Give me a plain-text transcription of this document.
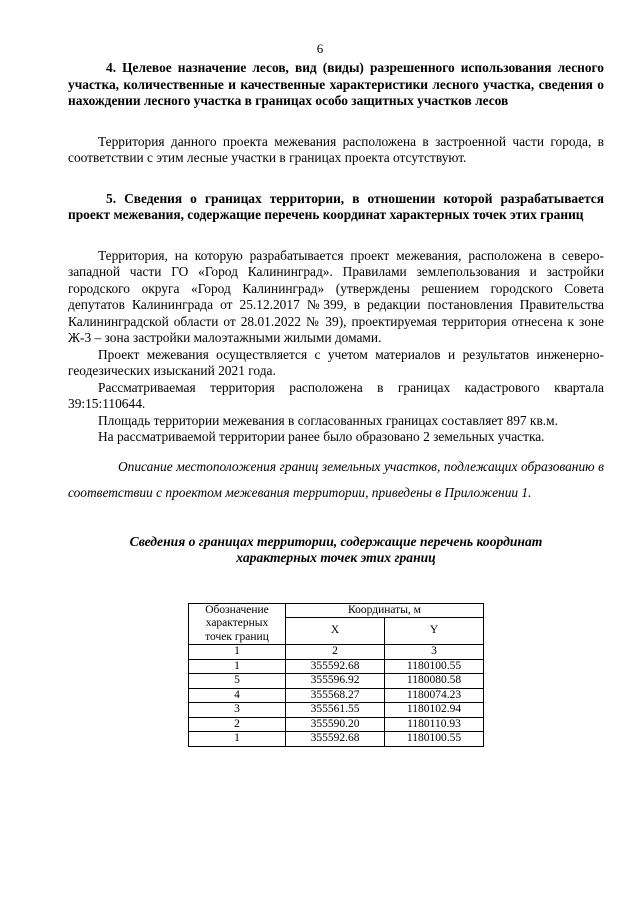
6

4. Целевое назначение лесов, вид (виды) разрешенного использования лесного участка, количественные и качественные характеристики лесного участка, сведения о нахождении лесного участка в границах особо защитных участков лесов

Территория данного проекта межевания расположена в застроенной части города, в соответствии с этим лесные участки в границах проекта отсутствуют.

5. Сведения о границах территории, в отношении которой разрабатывается проект межевания, содержащие перечень координат характерных точек этих границ

Территория, на которую разрабатывается проект межевания, расположена в северо-западной части ГО «Город Калининград». Правилами землепользования и застройки городского округа «Город Калининград» (утверждены решением городского Совета депутатов Калининграда от 25.12.2017 №399, в редакции постановления Правительства Калининградской области от 28.01.2022 № 39), проектируемая территория отнесена к зоне Ж-3 – зона застройки малоэтажными жилыми домами.

Проект межевания осуществляется с учетом материалов и результатов инженерно-геодезических изысканий 2021 года.

Рассматриваемая территория расположена в границах кадастрового квартала 39:15:110644.

Площадь территории межевания в согласованных границах составляет 897 кв.м.

На рассматриваемой территории ранее было образовано 2 земельных участка.

Описание местоположения границ земельных участков, подлежащих образованию в соответствии с проектом межевания территории, приведены в Приложении 1.
Сведения о границах территории, содержащие перечень координат
характерных точек этих границ
Обозначение характерных точек границ	Координаты, м	
	X	Y
1	2	3
1	355592.68	1180100.55
5	355596.92	1180080.58
4	355568.27	1180074.23
3	355561.55	1180102.94
2	355590.20	1180110.93
1	355592.68	1180100.55
